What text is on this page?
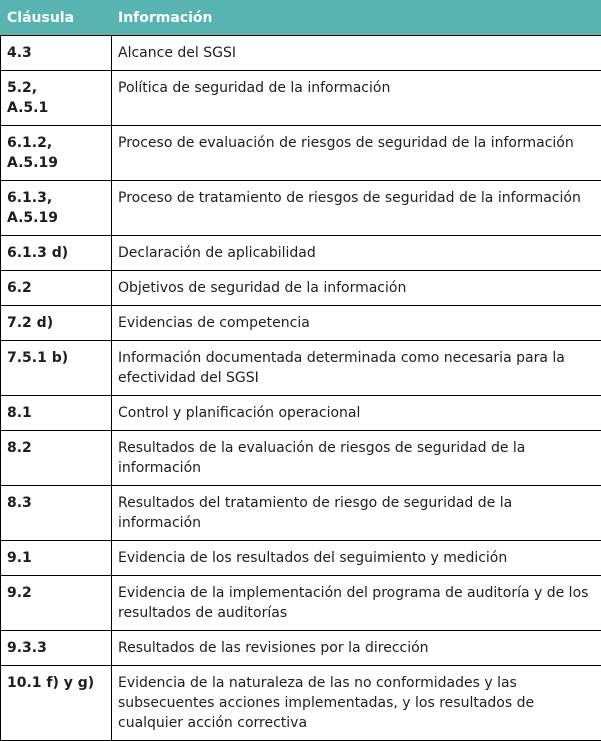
Cláusula	Información
4.3	Alcance del SGSI
5.2,
A.5.1	Política de seguridad de la información
6.1.2,
A.5.19	Proceso de evaluación de riesgos de seguridad de la información
6.1.3,
A.5.19	Proceso de tratamiento de riesgos de seguridad de la información
6.1.3 d)	Declaración de aplicabilidad
6.2	Objetivos de seguridad de la información
7.2 d)	Evidencias de competencia
7.5.1 b)	Información documentada determinada como necesaria para la efectividad del SGSI
8.1	Control y planificación operacional
8.2	Resultados de la evaluación de riesgos de seguridad de la información
8.3	Resultados del tratamiento de riesgo de seguridad de la información
9.1	Evidencia de los resultados del seguimiento y medición
9.2	Evidencia de la implementación del programa de auditoría y de los resultados de auditorías
9.3.3	Resultados de las revisiones por la dirección
10.1 f) y g)	Evidencia de la naturaleza de las no conformidades y las subsecuentes acciones implementadas, y los resultados de cualquier acción correctiva
